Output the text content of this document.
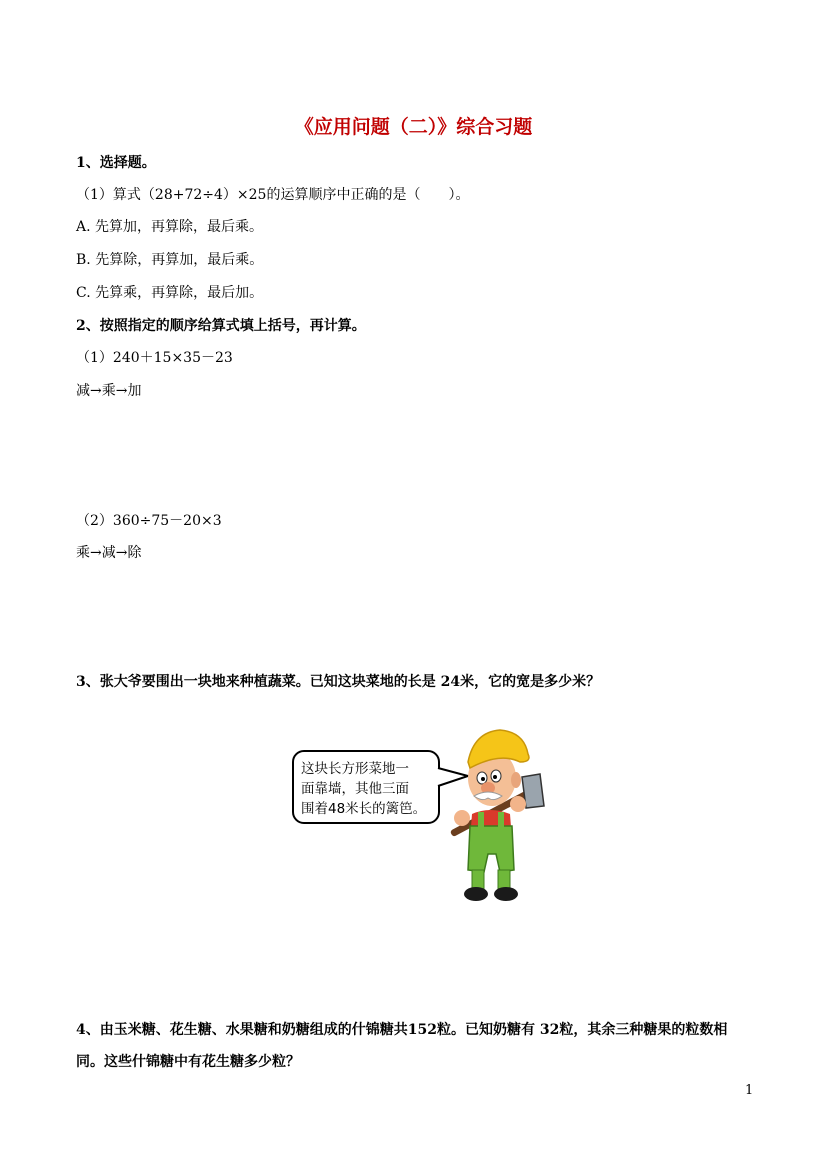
《应用问题（二）》综合习题
1、选择题。
（1）算式（28+72÷4）×25的运算顺序中正确的是（　　）。
A. 先算加，再算除，最后乘。
B. 先算除，再算加，最后乘。
C. 先算乘，再算除，最后加。
2、按照指定的顺序给算式填上括号，再计算。
（1）240＋15×35－23
减→乘→加
（2）360÷75－20×3
乘→减→除
3、张大爷要围出一块地来种植蔬菜。已知这块菜地的长是 24米，它的宽是多少米？
这块长方形菜地一
面靠墙，其他三面
围着48米长的篱笆。
4、由玉米糖、花生糖、水果糖和奶糖组成的什锦糖共152粒。已知奶糖有 32粒，其余三种糖果的粒数相
同。这些什锦糖中有花生糖多少粒？
1
